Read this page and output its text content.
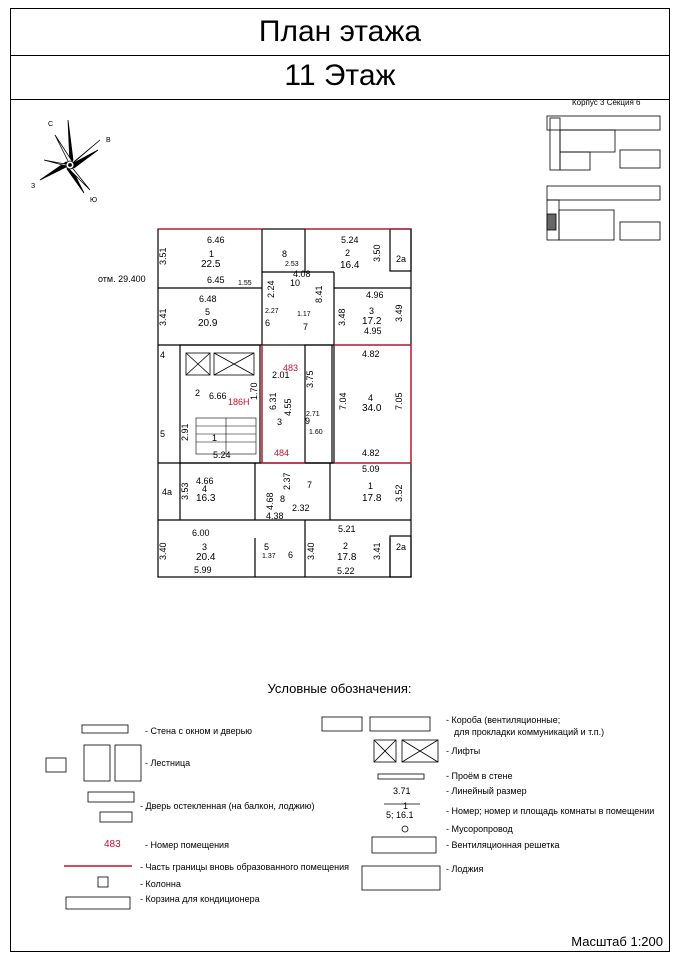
План этажа
11 Этаж
Корпус 3 Секция 6
С
В
Ю
З
отм. 29.400
6.46
1
22.5
6.45
3.51	8
2.53
5.24
2
16.4
3.50 2а
4.08
10
2.24
1.55
6.48
5
20.9
3.41	6
2.27
7
1.17
4.96
3
17.2
4.95
3.49
3.48
8.41
4.82
4
34.0
4.82
7.05
7.04
6.66
2	1.70
2.01
3
6.31 4.55
3.75
1
5.24
5 2.91
4
9
2.71
1.60
483
484
186Н
4.66
4
16.3
3.53
4а
8
4.68
4.38
7
2.32
2.37
5.09
1
17.8 3.52
6.00
3
20.4
5.99
3.40	5
1.37 6 3.40
5.21
2
17.8
5.22
3.41 2а
Условные обозначения:
- Стена с окном и дверью
- Лестница
- Дверь остекленная (на балкон, лоджию)
483	- Номер помещения
- Часть границы вновь образованного помещения
- Колонна
- Корзина для кондиционера
- Короба (вентиляционные;
для прокладки коммуникаций и т.п.)
- Лифты
- Проём в стене
3.71	- Линейный размер
1
5; 16.1	- Номер; номер и площадь комнаты в помещении
- Мусоропровод
- Вентиляционная решетка
- Лоджия
Масштаб 1:200
